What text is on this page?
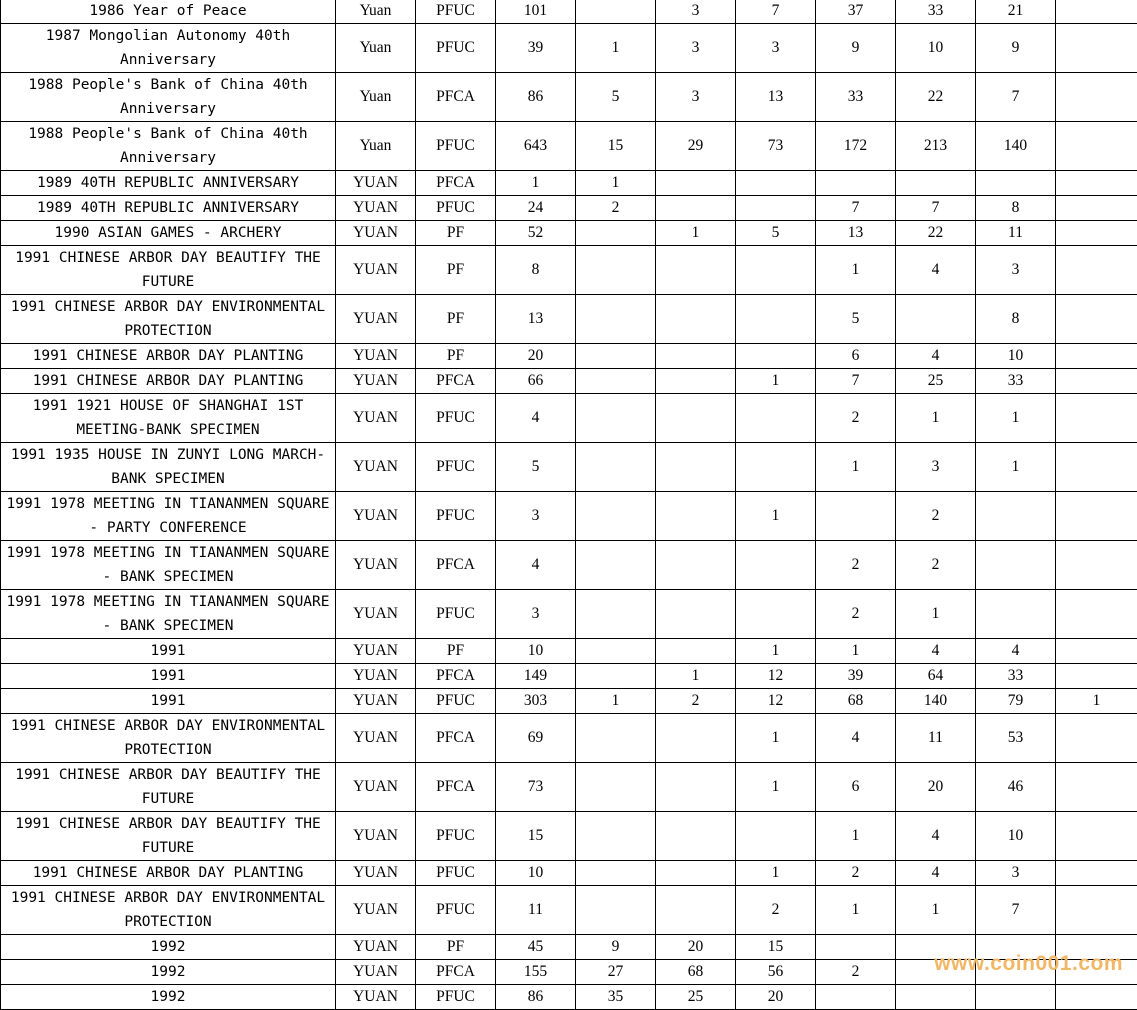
1986 Year of Peace	Yuan	PFUC	101		3	7	37	33	21	
1987 Mongolian Autonomy 40th Anniversary	Yuan	PFUC	39	1	3	3	9	10	9	
1988 People's Bank of China 40th Anniversary	Yuan	PFCA	86	5	3	13	33	22	7	
1988 People's Bank of China 40th Anniversary	Yuan	PFUC	643	15	29	73	172	213	140	
1989 40TH REPUBLIC ANNIVERSARY	YUAN	PFCA	1	1						
1989 40TH REPUBLIC ANNIVERSARY	YUAN	PFUC	24	2			7	7	8	
1990 ASIAN GAMES - ARCHERY	YUAN	PF	52		1	5	13	22	11	
1991 CHINESE ARBOR DAY BEAUTIFY THE FUTURE	YUAN	PF	8				1	4	3	
1991 CHINESE ARBOR DAY ENVIRONMENTAL PROTECTION	YUAN	PF	13				5		8	
1991 CHINESE ARBOR DAY PLANTING	YUAN	PF	20				6	4	10	
1991 CHINESE ARBOR DAY PLANTING	YUAN	PFCA	66			1	7	25	33	
1991 1921 HOUSE OF SHANGHAI 1ST MEETING-BANK SPECIMEN	YUAN	PFUC	4				2	1	1	
1991 1935 HOUSE IN ZUNYI LONG MARCH-BANK SPECIMEN	YUAN	PFUC	5				1	3	1	
1991 1978 MEETING IN TIANANMEN SQUARE - PARTY CONFERENCE	YUAN	PFUC	3			1		2		
1991 1978 MEETING IN TIANANMEN SQUARE - BANK SPECIMEN	YUAN	PFCA	4				2	2		
1991 1978 MEETING IN TIANANMEN SQUARE - BANK SPECIMEN	YUAN	PFUC	3				2	1		
1991	YUAN	PF	10			1	1	4	4	
1991	YUAN	PFCA	149		1	12	39	64	33	
1991	YUAN	PFUC	303	1	2	12	68	140	79	1
1991 CHINESE ARBOR DAY ENVIRONMENTAL PROTECTION	YUAN	PFCA	69			1	4	11	53	
1991 CHINESE ARBOR DAY BEAUTIFY THE FUTURE	YUAN	PFCA	73			1	6	20	46	
1991 CHINESE ARBOR DAY BEAUTIFY THE FUTURE	YUAN	PFUC	15				1	4	10	
1991 CHINESE ARBOR DAY PLANTING	YUAN	PFUC	10			1	2	4	3	
1991 CHINESE ARBOR DAY ENVIRONMENTAL PROTECTION	YUAN	PFUC	11			2	1	1	7	
1992	YUAN	PF	45	9	20	15				
1992	YUAN	PFCA	155	27	68	56	2			
1992	YUAN	PFUC	86	35	25	20				
www.coin001.com
